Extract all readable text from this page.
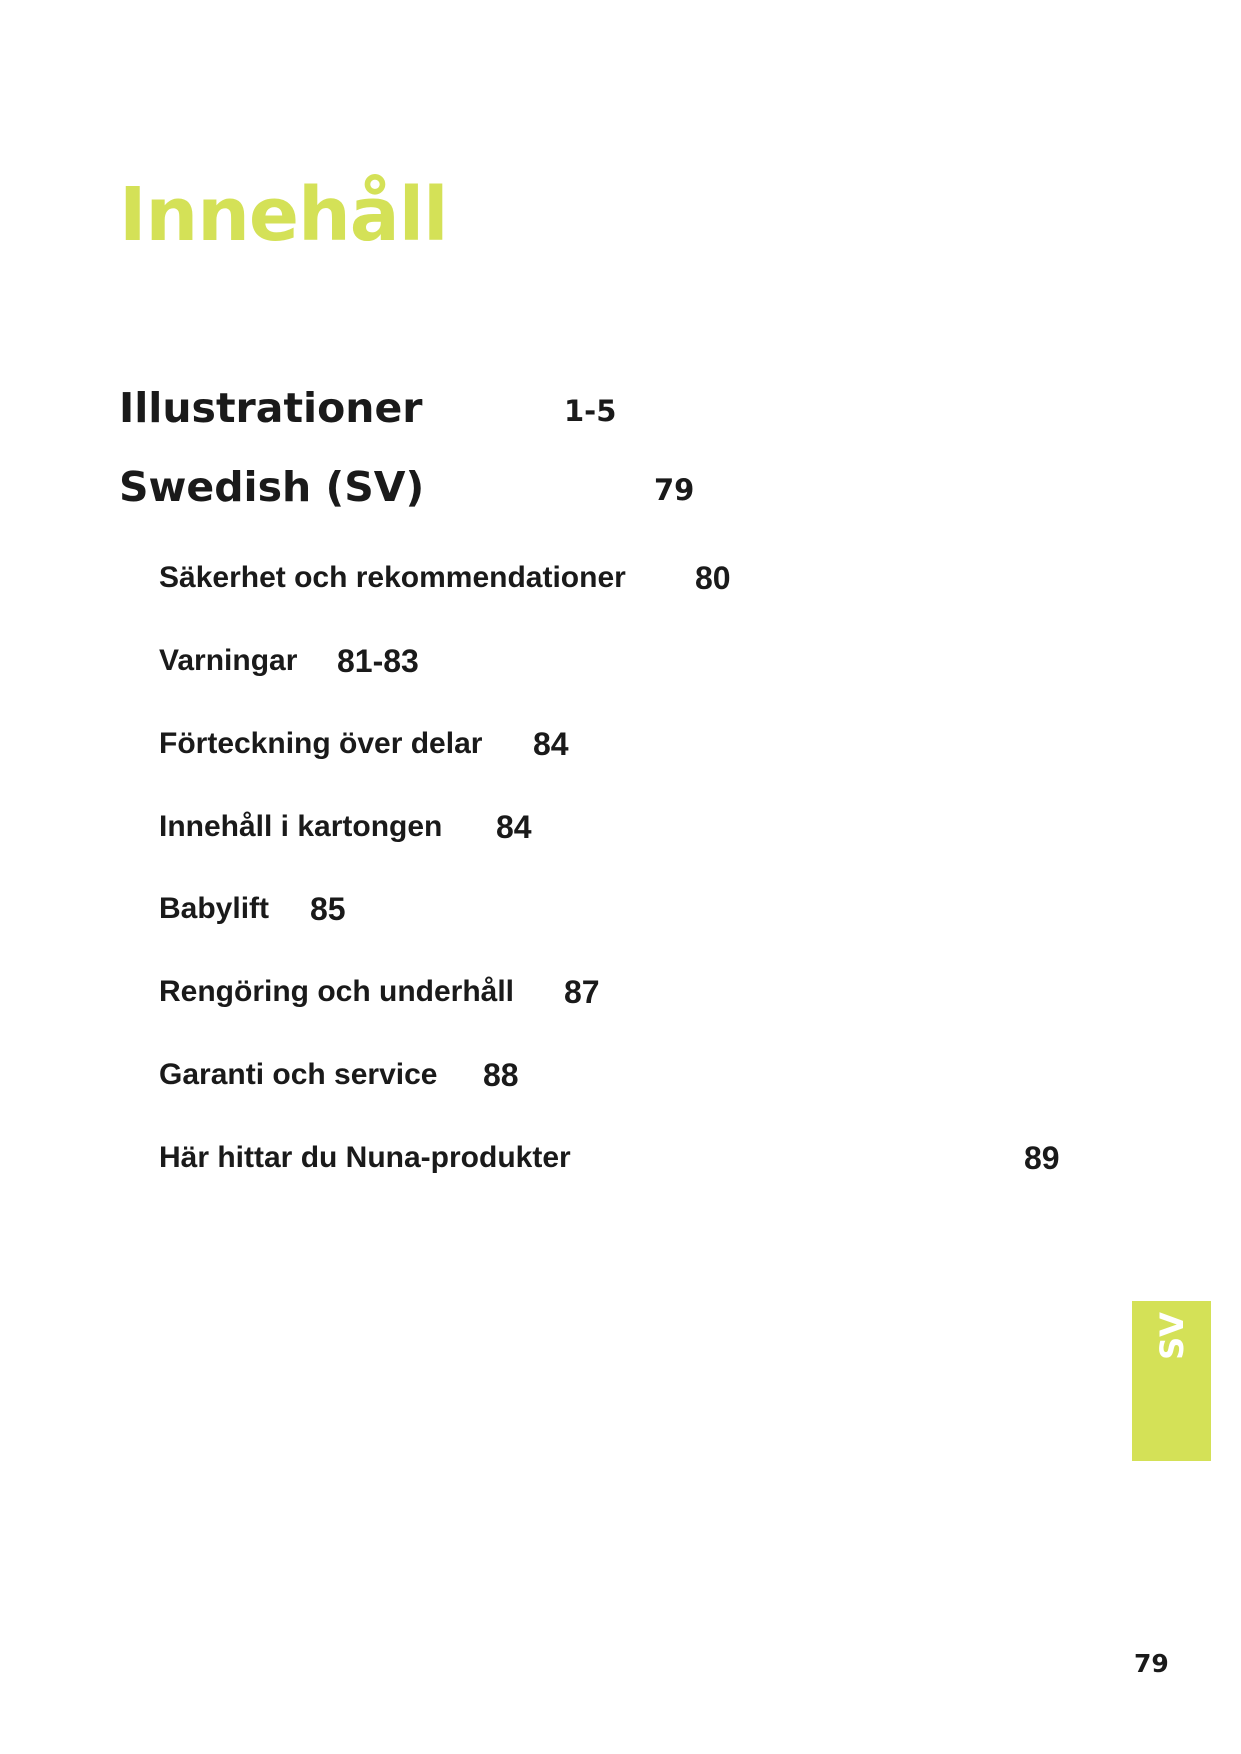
Innehåll
Illustrationer	1-5
Swedish (SV)	79
Säkerhet och rekommendationer 80
Varningar 81-83
Förteckning över delar 84
Innehåll i kartongen 84
Babylift 85
Rengöring och underhåll 87
Garanti och service 88
Här hittar du Nuna-produkter	89
SV
79
